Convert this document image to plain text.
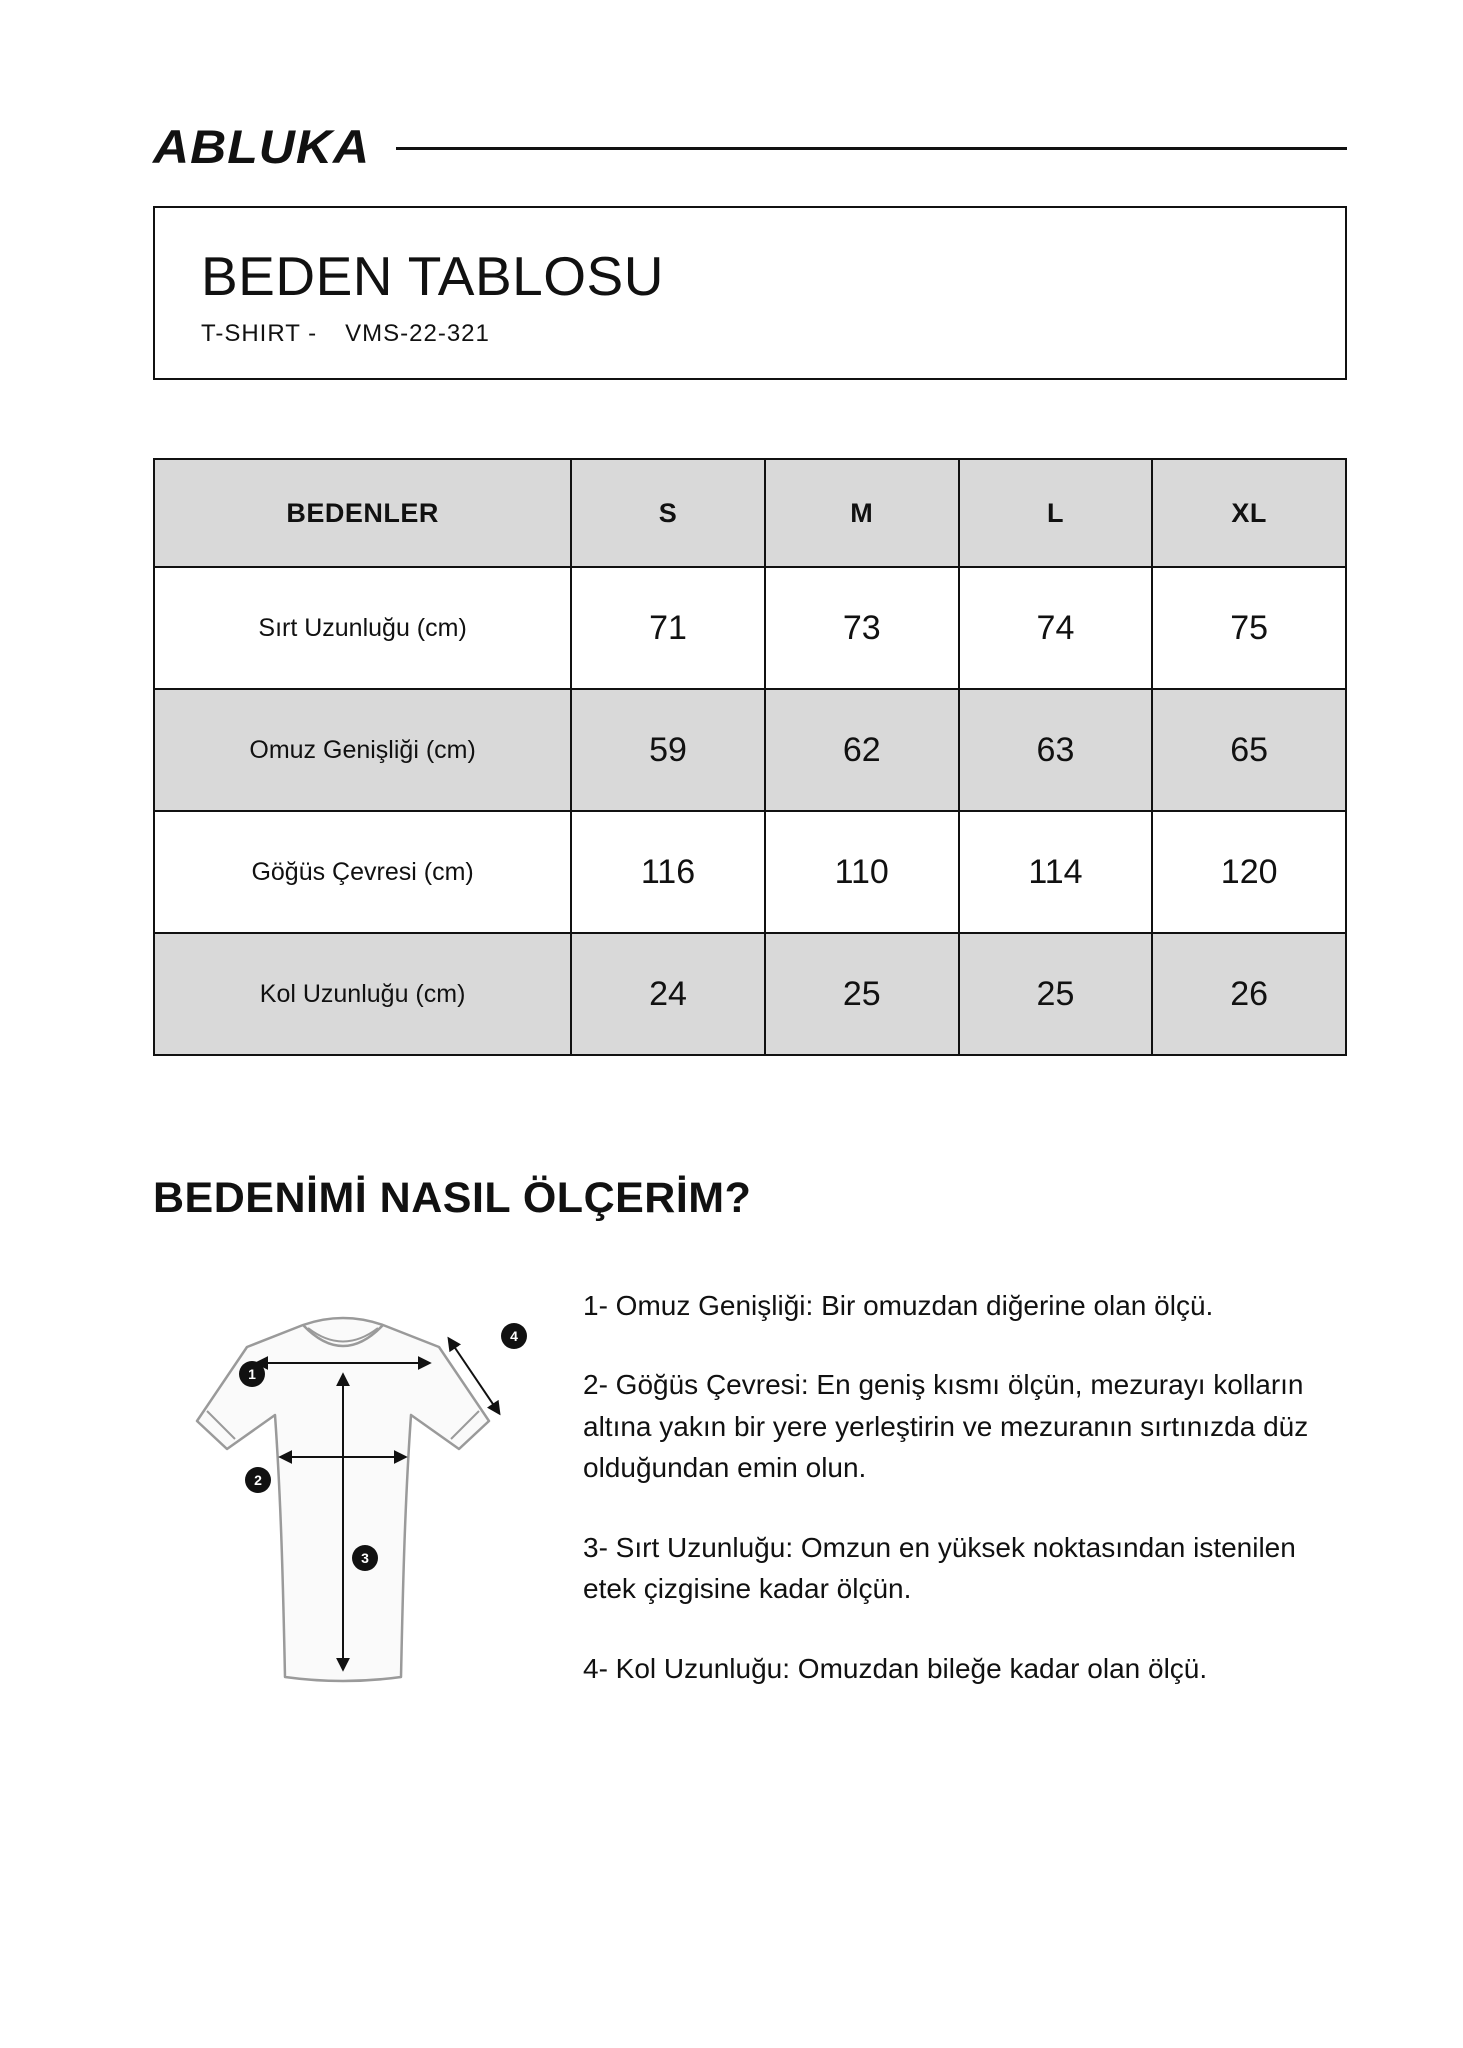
ABLUKA
BEDEN TABLOSU
T-SHIRT - VMS-22-321
BEDENLER	S	M	L	XL
Sırt Uzunluğu (cm)	71	73	74	75
Omuz Genişliği (cm)	59	62	63	65
Göğüs Çevresi (cm)	116	110	114	120
Kol Uzunluğu (cm)	24	25	25	26
BEDENİMİ NASIL ÖLÇERİM?
1
2
3
4

1- Omuz Genişliği: Bir omuzdan diğerine olan ölçü.

2- Göğüs Çevresi: En geniş kısmı ölçün, mezurayı kolların altına yakın bir yere yerleştirin ve mezuranın sırtınızda düz olduğundan emin olun.

3- Sırt Uzunluğu: Omzun en yüksek noktasından istenilen etek çizgisine kadar ölçün.

4- Kol Uzunluğu: Omuzdan bileğe kadar olan ölçü.
